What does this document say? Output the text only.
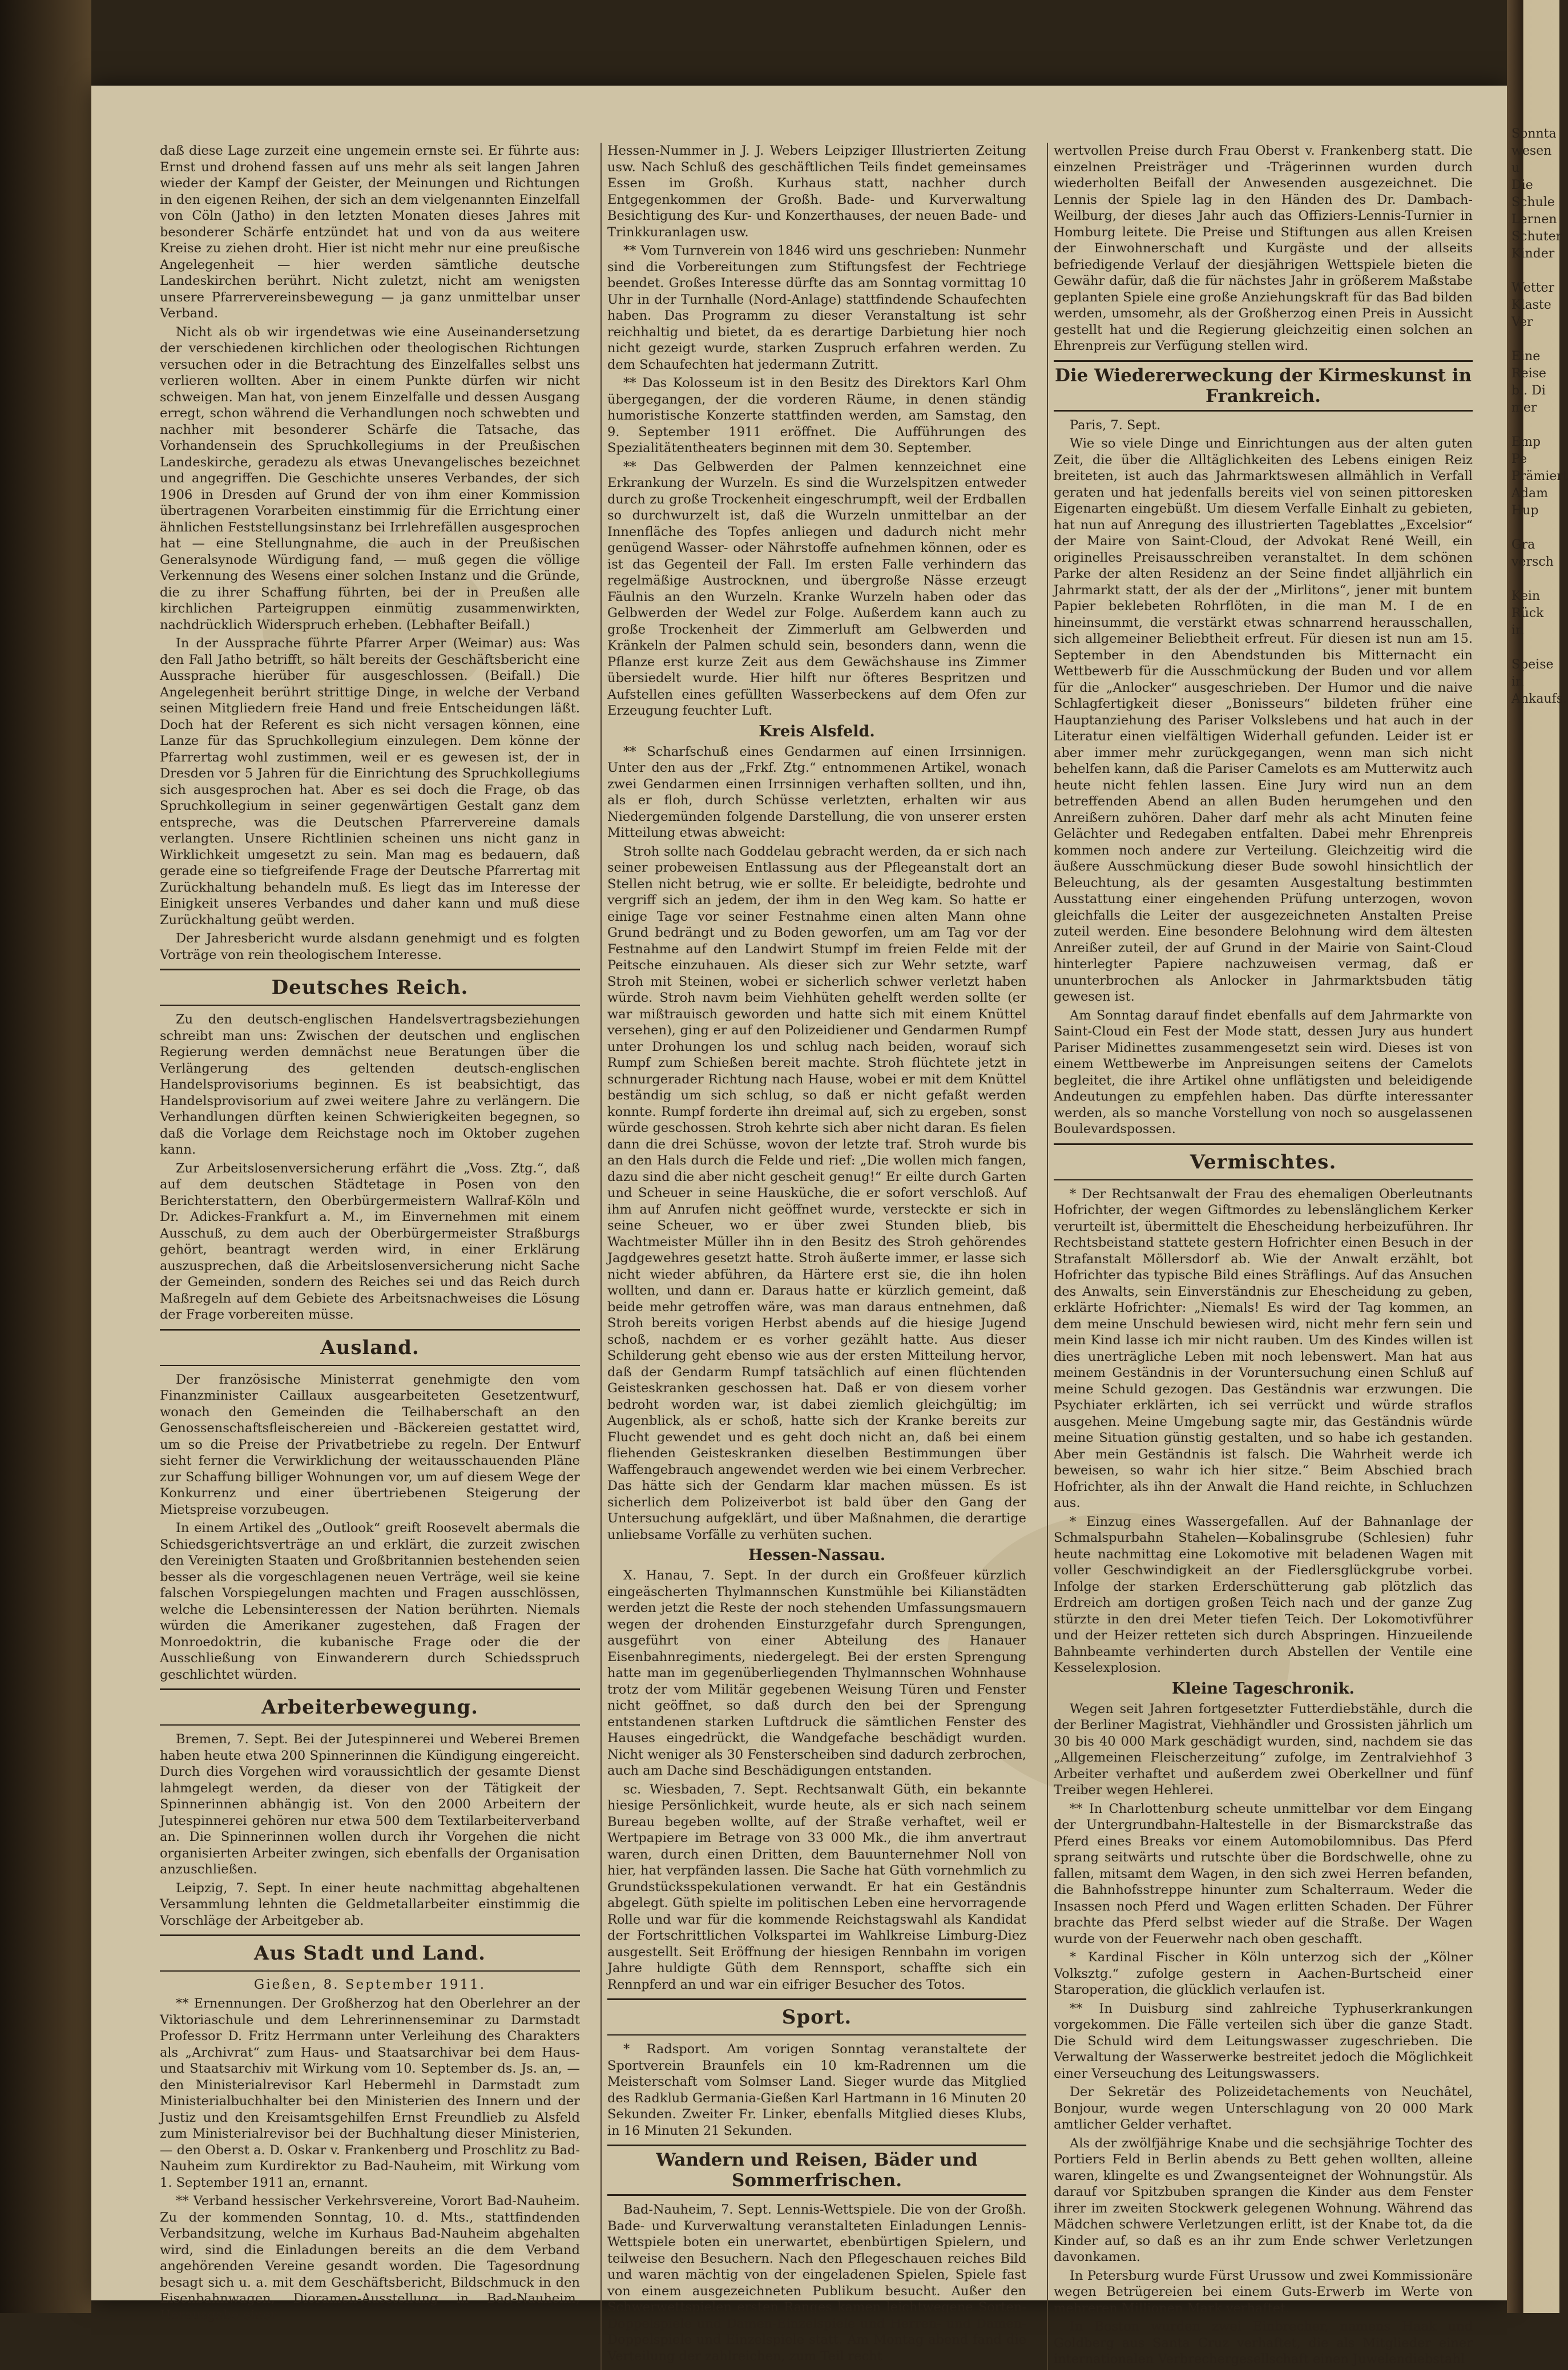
daß diese Lage zurzeit eine ungemein ernste sei. Er führte aus: Ernst und drohend fassen auf uns mehr als seit langen Jahren wieder der Kampf der Geister, der Meinungen und Richtungen in den eigenen Reihen, der sich an dem vielgenannten Einzelfall von Cöln (Jatho) in den letzten Monaten dieses Jahres mit besonderer Schärfe entzündet hat und von da aus weitere Kreise zu ziehen droht. Hier ist nicht mehr nur eine preußische Angelegenheit — hier werden sämtliche deutsche Landeskirchen berührt. Nicht zuletzt, nicht am wenigsten unsere Pfarrervereinsbewegung — ja ganz unmittelbar unser Verband.

Nicht als ob wir irgendetwas wie eine Auseinandersetzung der verschiedenen kirchlichen oder theologischen Richtungen versuchen oder in die Betrachtung des Einzelfalles selbst uns verlieren wollten. Aber in einem Punkte dürfen wir nicht schweigen. Man hat, von jenem Einzelfalle und dessen Ausgang erregt, schon während die Verhandlungen noch schwebten und nachher mit besonderer Schärfe die Tatsache, das Vorhandensein des Spruchkollegiums in der Preußischen Landeskirche, geradezu als etwas Unevangelisches bezeichnet und angegriffen. Die Geschichte unseres Verbandes, der sich 1906 in Dresden auf Grund der von ihm einer Kommission übertragenen Vorarbeiten einstimmig für die Errichtung einer ähnlichen Feststellungsinstanz bei Irrlehrefällen ausgesprochen hat — eine Stellungnahme, die auch in der Preußischen Generalsynode Würdigung fand, — muß gegen die völlige Verkennung des Wesens einer solchen Instanz und die Gründe, die zu ihrer Schaffung führten, bei der in Preußen alle kirchlichen Parteigruppen einmütig zusammenwirkten, nachdrücklich Widerspruch erheben. (Lebhafter Beifall.)

In der Aussprache führte Pfarrer Arper (Weimar) aus: Was den Fall Jatho betrifft, so hält bereits der Geschäftsbericht eine Aussprache hierüber für ausgeschlossen. (Beifall.) Die Angelegenheit berührt strittige Dinge, in welche der Verband seinen Mitgliedern freie Hand und freie Entscheidungen läßt. Doch hat der Referent es sich nicht versagen können, eine Lanze für das Spruchkollegium einzulegen. Dem könne der Pfarrertag wohl zustimmen, weil er es gewesen ist, der in Dresden vor 5 Jahren für die Einrichtung des Spruchkollegiums sich ausgesprochen hat. Aber es sei doch die Frage, ob das Spruchkollegium in seiner gegenwärtigen Gestalt ganz dem entspreche, was die Deutschen Pfarrervereine damals verlangten. Unsere Richtlinien scheinen uns nicht ganz in Wirklichkeit umgesetzt zu sein. Man mag es bedauern, daß gerade eine so tiefgreifende Frage der Deutsche Pfarrertag mit Zurückhaltung behandeln muß. Es liegt das im Interesse der Einigkeit unseres Verbandes und daher kann und muß diese Zurückhaltung geübt werden.

Der Jahresbericht wurde alsdann genehmigt und es folgten Vorträge von rein theologischem Interesse.

Deutsches Reich.

Zu den deutsch-englischen Handelsvertragsbeziehungen schreibt man uns: Zwischen der deutschen und englischen Regierung werden demnächst neue Beratungen über die Verlängerung des geltenden deutsch-englischen Handelsprovisoriums beginnen. Es ist beabsichtigt, das Handelsprovisorium auf zwei weitere Jahre zu verlängern. Die Verhandlungen dürften keinen Schwierigkeiten begegnen, so daß die Vorlage dem Reichstage noch im Oktober zugehen kann.

Zur Arbeitslosenversicherung erfährt die „Voss. Ztg.“, daß auf dem deutschen Städtetage in Posen von den Berichterstattern, den Oberbürgermeistern Wallraf-Köln und Dr. Adickes-Frankfurt a. M., im Einvernehmen mit einem Ausschuß, zu dem auch der Oberbürgermeister Straßburgs gehört, beantragt werden wird, in einer Erklärung auszusprechen, daß die Arbeitslosenversicherung nicht Sache der Gemeinden, sondern des Reiches sei und das Reich durch Maßregeln auf dem Gebiete des Arbeitsnachweises die Lösung der Frage vorbereiten müsse.

Ausland.

Der französische Ministerrat genehmigte den vom Finanzminister Caillaux ausgearbeiteten Gesetzentwurf, wonach den Gemeinden die Teilhaberschaft an den Genossenschaftsfleischereien und -Bäckereien gestattet wird, um so die Preise der Privatbetriebe zu regeln. Der Entwurf sieht ferner die Verwirklichung der weitausschauenden Pläne zur Schaffung billiger Wohnungen vor, um auf diesem Wege der Konkurrenz und einer übertriebenen Steigerung der Mietspreise vorzubeugen.

In einem Artikel des „Outlook“ greift Roosevelt abermals die Schiedsgerichtsverträge an und erklärt, die zurzeit zwischen den Vereinigten Staaten und Großbritannien bestehenden seien besser als die vorgeschlagenen neuen Verträge, weil sie keine falschen Vorspiegelungen machten und Fragen ausschlössen, welche die Lebensinteressen der Nation berührten. Niemals würden die Amerikaner zugestehen, daß Fragen der Monroedoktrin, die kubanische Frage oder die der Ausschließung von Einwanderern durch Schiedsspruch geschlichtet würden.

Arbeiterbewegung.

Bremen, 7. Sept. Bei der Jutespinnerei und Weberei Bremen haben heute etwa 200 Spinnerinnen die Kündigung eingereicht. Durch dies Vorgehen wird voraussichtlich der gesamte Dienst lahmgelegt werden, da dieser von der Tätigkeit der Spinnerinnen abhängig ist. Von den 2000 Arbeitern der Jutespinnerei gehören nur etwa 500 dem Textilarbeiterverband an. Die Spinnerinnen wollen durch ihr Vorgehen die nicht organisierten Arbeiter zwingen, sich ebenfalls der Organisation anzuschließen.

Leipzig, 7. Sept. In einer heute nachmittag abgehaltenen Versammlung lehnten die Geldmetallarbeiter einstimmig die Vorschläge der Arbeitgeber ab.

Aus Stadt und Land.
Gießen, 8. September 1911.

** Ernennungen. Der Großherzog hat den Oberlehrer an der Viktoriaschule und dem Lehrerinnenseminar zu Darmstadt Professor D. Fritz Herrmann unter Verleihung des Charakters als „Archivrat“ zum Haus- und Staatsarchivar bei dem Haus- und Staatsarchiv mit Wirkung vom 10. September ds. Js. an, — den Ministerialrevisor Karl Hebermehl in Darmstadt zum Ministerialbuchhalter bei den Ministerien des Innern und der Justiz und den Kreisamtsgehilfen Ernst Freundlieb zu Alsfeld zum Ministerialrevisor bei der Buchhaltung dieser Ministerien, — den Oberst a. D. Oskar v. Frankenberg und Proschlitz zu Bad-Nauheim zum Kurdirektor zu Bad-Nauheim, mit Wirkung vom 1. September 1911 an, ernannt.

** Verband hessischer Verkehrsvereine, Vorort Bad-Nauheim. Zu der kommenden Sonntag, 10. d. Mts., stattfindenden Verbandsitzung, welche im Kurhaus Bad-Nauheim abgehalten wird, sind die Einladungen bereits an die dem Verband angehörenden Vereine gesandt worden. Die Tagesordnung besagt sich u. a. mit dem Geschäftsbericht, Bildschmuck in den Eisenbahnwagen, Dioramen-Ausstellung in Bad-Nauheim, Herausgabe einer

Hessen-Nummer in J. J. Webers Leipziger Illustrierten Zeitung usw. Nach Schluß des geschäftlichen Teils findet gemeinsames Essen im Großh. Kurhaus statt, nachher durch Entgegenkommen der Großh. Bade- und Kurverwaltung Besichtigung des Kur- und Konzerthauses, der neuen Bade- und Trinkkuranlagen usw.

** Vom Turnverein von 1846 wird uns geschrieben: Nunmehr sind die Vorbereitungen zum Stiftungsfest der Fechtriege beendet. Großes Interesse dürfte das am Sonntag vormittag 10 Uhr in der Turnhalle (Nord-Anlage) stattfindende Schaufechten haben. Das Programm zu dieser Veranstaltung ist sehr reichhaltig und bietet, da es derartige Darbietung hier noch nicht gezeigt wurde, starken Zuspruch erfahren werden. Zu dem Schaufechten hat jedermann Zutritt.

** Das Kolosseum ist in den Besitz des Direktors Karl Ohm übergegangen, der die vorderen Räume, in denen ständig humoristische Konzerte stattfinden werden, am Samstag, den 9. September 1911 eröffnet. Die Aufführungen des Spezialitätentheaters beginnen mit dem 30. September.

** Das Gelbwerden der Palmen kennzeichnet eine Erkrankung der Wurzeln. Es sind die Wurzelspitzen entweder durch zu große Trockenheit eingeschrumpft, weil der Erdballen so durchwurzelt ist, daß die Wurzeln unmittelbar an der Innenfläche des Topfes anliegen und dadurch nicht mehr genügend Wasser- oder Nährstoffe aufnehmen können, oder es ist das Gegenteil der Fall. Im ersten Falle verhindern das regelmäßige Austrocknen, und übergroße Nässe erzeugt Fäulnis an den Wurzeln. Kranke Wurzeln haben oder das Gelbwerden der Wedel zur Folge. Außerdem kann auch zu große Trockenheit der Zimmerluft am Gelbwerden und Kränkeln der Palmen schuld sein, besonders dann, wenn die Pflanze erst kurze Zeit aus dem Gewächshause ins Zimmer übersiedelt wurde. Hier hilft nur öfteres Bespritzen und Aufstellen eines gefüllten Wasserbeckens auf dem Ofen zur Erzeugung feuchter Luft.

Kreis Alsfeld.

** Scharfschuß eines Gendarmen auf einen Irrsinnigen. Unter den aus der „Frkf. Ztg.“ entnommenen Artikel, wonach zwei Gendarmen einen Irrsinnigen verhaften sollten, und ihn, als er floh, durch Schüsse verletzten, erhalten wir aus Niedergemünden folgende Darstellung, die von unserer ersten Mitteilung etwas abweicht:

Stroh sollte nach Goddelau gebracht werden, da er sich nach seiner probeweisen Entlassung aus der Pflegeanstalt dort an Stellen nicht betrug, wie er sollte. Er beleidigte, bedrohte und vergriff sich an jedem, der ihm in den Weg kam. So hatte er einige Tage vor seiner Festnahme einen alten Mann ohne Grund bedrängt und zu Boden geworfen, um am Tag vor der Festnahme auf den Landwirt Stumpf im freien Felde mit der Peitsche einzuhauen. Als dieser sich zur Wehr setzte, warf Stroh mit Steinen, wobei er sicherlich schwer verletzt haben würde. Stroh navm beim Viehhüten gehelft werden sollte (er war mißtrauisch geworden und hatte sich mit einem Knüttel versehen), ging er auf den Polizeidiener und Gendarmen Rumpf unter Drohungen los und schlug nach beiden, worauf sich Rumpf zum Schießen bereit machte. Stroh flüchtete jetzt in schnurgerader Richtung nach Hause, wobei er mit dem Knüttel beständig um sich schlug, so daß er nicht gefaßt werden konnte. Rumpf forderte ihn dreimal auf, sich zu ergeben, sonst würde geschossen. Stroh kehrte sich aber nicht daran. Es fielen dann die drei Schüsse, wovon der letzte traf. Stroh wurde bis an den Hals durch die Felde und rief: „Die wollen mich fangen, dazu sind die aber nicht gescheit genug!“ Er eilte durch Garten und Scheuer in seine Hausküche, die er sofort verschloß. Auf ihm auf Anrufen nicht geöffnet wurde, versteckte er sich in seine Scheuer, wo er über zwei Stunden blieb, bis Wachtmeister Müller ihn in den Besitz des Stroh gehörendes Jagdgewehres gesetzt hatte. Stroh äußerte immer, er lasse sich nicht wieder abführen, da Härtere erst sie, die ihn holen wollten, und dann er. Daraus hatte er kürzlich gemeint, daß beide mehr getroffen wäre, was man daraus entnehmen, daß Stroh bereits vorigen Herbst abends auf die hiesige Jugend schoß, nachdem er es vorher gezählt hatte. Aus dieser Schilderung geht ebenso wie aus der ersten Mitteilung hervor, daß der Gendarm Rumpf tatsächlich auf einen flüchtenden Geisteskranken geschossen hat. Daß er von diesem vorher bedroht worden war, ist dabei ziemlich gleichgültig; im Augenblick, als er schoß, hatte sich der Kranke bereits zur Flucht gewendet und es geht doch nicht an, daß bei einem fliehenden Geisteskranken dieselben Bestimmungen über Waffengebrauch angewendet werden wie bei einem Verbrecher. Das hätte sich der Gendarm klar machen müssen. Es ist sicherlich dem Polizeiverbot ist bald über den Gang der Untersuchung aufgeklärt, und über Maßnahmen, die derartige unliebsame Vorfälle zu verhüten suchen.

Hessen-Nassau.

X. Hanau, 7. Sept. In der durch ein Großfeuer kürzlich eingeäscherten Thylmannschen Kunstmühle bei Kilianstädten werden jetzt die Reste der noch stehenden Umfassungsmauern wegen der drohenden Einsturzgefahr durch Sprengungen, ausgeführt von einer Abteilung des Hanauer Eisenbahnregiments, niedergelegt. Bei der ersten Sprengung hatte man im gegenüberliegenden Thylmannschen Wohnhause trotz der vom Militär gegebenen Weisung Türen und Fenster nicht geöffnet, so daß durch den bei der Sprengung entstandenen starken Luftdruck die sämtlichen Fenster des Hauses eingedrückt, die Wandgefache beschädigt wurden. Nicht weniger als 30 Fensterscheiben sind dadurch zerbrochen, auch am Dache sind Beschädigungen entstanden.

sc. Wiesbaden, 7. Sept. Rechtsanwalt Güth, ein bekannte hiesige Persönlichkeit, wurde heute, als er sich nach seinem Bureau begeben wollte, auf der Straße verhaftet, weil er Wertpapiere im Betrage von 33 000 Mk., die ihm anvertraut waren, durch einen Dritten, dem Bauunternehmer Noll von hier, hat verpfänden lassen. Die Sache hat Güth vornehmlich zu Grundstücksspekulationen verwandt. Er hat ein Geständnis abgelegt. Güth spielte im politischen Leben eine hervorragende Rolle und war für die kommende Reichstagswahl als Kandidat der Fortschrittlichen Volkspartei im Wahlkreise Limburg-Diez ausgestellt. Seit Eröffnung der hiesigen Rennbahn im vorigen Jahre huldigte Güth dem Rennsport, schaffte sich ein Rennpferd an und war ein eifriger Besucher des Totos.

Sport.

* Radsport. Am vorigen Sonntag veranstaltete der Sportverein Braunfels ein 10 km-Radrennen um die Meisterschaft vom Solmser Land. Sieger wurde das Mitglied des Radklub Germania-Gießen Karl Hartmann in 16 Minuten 20 Sekunden. Zweiter Fr. Linker, ebenfalls Mitglied dieses Klubs, in 16 Minuten 21 Sekunden.

Wandern und Reisen, Bäder und Sommerfrischen.

Bad-Nauheim, 7. Sept. Lennis-Wettspiele. Die von der Großh. Bade- und Kurverwaltung veranstalteten Einladungen Lennis-Wettspiele boten ein unerwartet, ebenbürtigen Spielern, und teilweise den Besuchern. Nach den Pflegeschauen reiches Bild und waren mächtig von der eingeladenen Spielen, Spiele fast von einem ausgezeichneten Publikum besucht. Außer den Schwerwettspielen ersten Ranges kamen leichtwegene Sorten-Doppelspiele und Damen-Einzelspiele und Herren- und Damen-Doppelspiele und Einzelspiele statt. Am Montag abend fand die Verteilung der zahlreichen, zum Teil recht

wertvollen Preise durch Frau Oberst v. Frankenberg statt. Die einzelnen Preisträger und -Trägerinnen wurden durch wiederholten Beifall der Anwesenden ausgezeichnet. Die Lennis der Spiele lag in den Händen des Dr. Dambach-Weilburg, der dieses Jahr auch das Offiziers-Lennis-Turnier in Homburg leitete. Die Preise und Stiftungen aus allen Kreisen der Einwohnerschaft und Kurgäste und der allseits befriedigende Verlauf der diesjährigen Wettspiele bieten die Gewähr dafür, daß die für nächstes Jahr in größerem Maßstabe geplanten Spiele eine große Anziehungskraft für das Bad bilden werden, umsomehr, als der Großherzog einen Preis in Aussicht gestellt hat und die Regierung gleichzeitig einen solchen an Ehrenpreis zur Verfügung stellen wird.

Die Wiedererweckung der Kirmeskunst in Frankreich.

Paris, 7. Sept.

Wie so viele Dinge und Einrichtungen aus der alten guten Zeit, die über die Alltäglichkeiten des Lebens einigen Reiz breiteten, ist auch das Jahrmarktswesen allmählich in Verfall geraten und hat jedenfalls bereits viel von seinen pittoresken Eigenarten eingebüßt. Um diesem Verfalle Einhalt zu gebieten, hat nun auf Anregung des illustrierten Tageblattes „Excelsior“ der Maire von Saint-Cloud, der Advokat René Weill, ein originelles Preisausschreiben veranstaltet. In dem schönen Parke der alten Residenz an der Seine findet alljährlich ein Jahrmarkt statt, der als der der „Mirlitons“, jener mit buntem Papier beklebeten Rohrflöten, in die man M. I de en hineinsummt, die verstärkt etwas schnarrend herausschallen, sich allgemeiner Beliebtheit erfreut. Für diesen ist nun am 15. September in den Abendstunden bis Mitternacht ein Wettbewerb für die Ausschmückung der Buden und vor allem für die „Anlocker“ ausgeschrieben. Der Humor und die naive Schlagfertigkeit dieser „Bonisseurs“ bildeten früher eine Hauptanziehung des Pariser Volkslebens und hat auch in der Literatur einen vielfältigen Widerhall gefunden. Leider ist er aber immer mehr zurückgegangen, wenn man sich nicht behelfen kann, daß die Pariser Camelots es am Mutterwitz auch heute nicht fehlen lassen. Eine Jury wird nun an dem betreffenden Abend an allen Buden herumgehen und den Anreißern zuhören. Daher darf mehr als acht Minuten feine Gelächter und Redegaben entfalten. Dabei mehr Ehrenpreis kommen noch andere zur Verteilung. Gleichzeitig wird die äußere Ausschmückung dieser Bude sowohl hinsichtlich der Beleuchtung, als der gesamten Ausgestaltung bestimmten Ausstattung einer eingehenden Prüfung unterzogen, wovon gleichfalls die Leiter der ausgezeichneten Anstalten Preise zuteil werden. Eine besondere Belohnung wird dem ältesten Anreißer zuteil, der auf Grund in der Mairie von Saint-Cloud hinterlegter Papiere nachzuweisen vermag, daß er ununterbrochen als Anlocker in Jahrmarktsbuden tätig gewesen ist.

Am Sonntag darauf findet ebenfalls auf dem Jahrmarkte von Saint-Cloud ein Fest der Mode statt, dessen Jury aus hundert Pariser Midinettes zusammengesetzt sein wird. Dieses ist von einem Wettbewerbe im Anpreisungen seitens der Camelots begleitet, die ihre Artikel ohne unflätigsten und beleidigende Andeutungen zu empfehlen haben. Das dürfte interessanter werden, als so manche Vorstellung von noch so ausgelassenen Boulevardspossen.

Vermischtes.

* Der Rechtsanwalt der Frau des ehemaligen Oberleutnants Hofrichter, der wegen Giftmordes zu lebenslänglichem Kerker verurteilt ist, übermittelt die Ehescheidung herbeizuführen. Ihr Rechtsbeistand stattete gestern Hofrichter einen Besuch in der Strafanstalt Möllersdorf ab. Wie der Anwalt erzählt, bot Hofrichter das typische Bild eines Sträflings. Auf das Ansuchen des Anwalts, sein Einverständnis zur Ehescheidung zu geben, erklärte Hofrichter: „Niemals! Es wird der Tag kommen, an dem meine Unschuld bewiesen wird, nicht mehr fern sein und mein Kind lasse ich mir nicht rauben. Um des Kindes willen ist dies unerträgliche Leben mit noch lebenswert. Man hat aus meinem Geständnis in der Voruntersuchung einen Schluß auf meine Schuld gezogen. Das Geständnis war erzwungen. Die Psychiater erklärten, ich sei verrückt und würde straflos ausgehen. Meine Umgebung sagte mir, das Geständnis würde meine Situation günstig gestalten, und so habe ich gestanden. Aber mein Geständnis ist falsch. Die Wahrheit werde ich beweisen, so wahr ich hier sitze.“ Beim Abschied brach Hofrichter, als ihn der Anwalt die Hand reichte, in Schluchzen aus.

* Einzug eines Wassergefallen. Auf der Bahnanlage der Schmalspurbahn Stahelen—Kobalinsgrube (Schlesien) fuhr heute nachmittag eine Lokomotive mit beladenen Wagen mit voller Geschwindigkeit an der Fiedlersglückgrube vorbei. Infolge der starken Erderschütterung gab plötzlich das Erdreich am dortigen großen Teich nach und der ganze Zug stürzte in den drei Meter tiefen Teich. Der Lokomotivführer und der Heizer retteten sich durch Abspringen. Hinzueilende Bahnbeamte verhinderten durch Abstellen der Ventile eine Kesselexplosion.

Kleine Tageschronik.

Wegen seit Jahren fortgesetzter Futterdiebstähle, durch die der Berliner Magistrat, Viehhändler und Grossisten jährlich um 30 bis 40 000 Mark geschädigt wurden, sind, nachdem sie das „Allgemeinen Fleischerzeitung“ zufolge, im Zentralviehhof 3 Arbeiter verhaftet und außerdem zwei Oberkellner und fünf Treiber wegen Hehlerei.

** In Charlottenburg scheute unmittelbar vor dem Eingang der Untergrundbahn-Haltestelle in der Bismarckstraße das Pferd eines Breaks vor einem Automobilomnibus. Das Pferd sprang seitwärts und rutschte über die Bordschwelle, ohne zu fallen, mitsamt dem Wagen, in den sich zwei Herren befanden, die Bahnhofsstreppe hinunter zum Schalterraum. Weder die Insassen noch Pferd und Wagen erlitten Schaden. Der Führer brachte das Pferd selbst wieder auf die Straße. Der Wagen wurde von der Feuerwehr nach oben geschafft.

* Kardinal Fischer in Köln unterzog sich der „Kölner Volksztg.“ zufolge gestern in Aachen-Burtscheid einer Staroperation, die glücklich verlaufen ist.

** In Duisburg sind zahlreiche Typhuserkrankungen vorgekommen. Die Fälle verteilen sich über die ganze Stadt. Die Schuld wird dem Leitungswasser zugeschrieben. Die Verwaltung der Wasserwerke bestreitet jedoch die Möglichkeit einer Verseuchung des Leitungswassers.

Der Sekretär des Polizeidetachements von Neuchâtel, Bonjour, wurde wegen Unterschlagung von 20 000 Mark amtlicher Gelder verhaftet.

Als der zwölfjährige Knabe und die sechsjährige Tochter des Portiers Feld in Berlin abends zu Bett gehen wollten, alleine waren, klingelte es und Zwangsenteignet der Wohnungstür. Als darauf vor Spitzbuben sprangen die Kinder aus dem Fenster ihrer im zweiten Stockwerk gelegenen Wohnung. Während das Mädchen schwere Verletzungen erlitt, ist der Knabe tot, da die Kinder auf, so daß es an ihr zum Ende schwer Verletzungen davonkamen.

In Petersburg wurde Fürst Urussow und zwei Kommissionäre wegen Betrügereien bei einem Guts-Erwerb im Werte von mehreren Millionen Mark verhaftet.

In Boston wurden zwei Einbrecher, namens Haak und Goldberg aus Santa Cruz verhaftet, die als Mitglieder einer internationalen Verbrechergesellschaft einen Juwelendiebstahl

Sonnta
wesen u
Die
Schule
Lernen
Schuter
Kinder

Wetter
Klaste Ver

Eine Reise
bl. Di
mer

Emp
Pe
Prämiert
Adam Hup

Gra
versch

Kein Rück
in

Speise
in
Ankaufs.
